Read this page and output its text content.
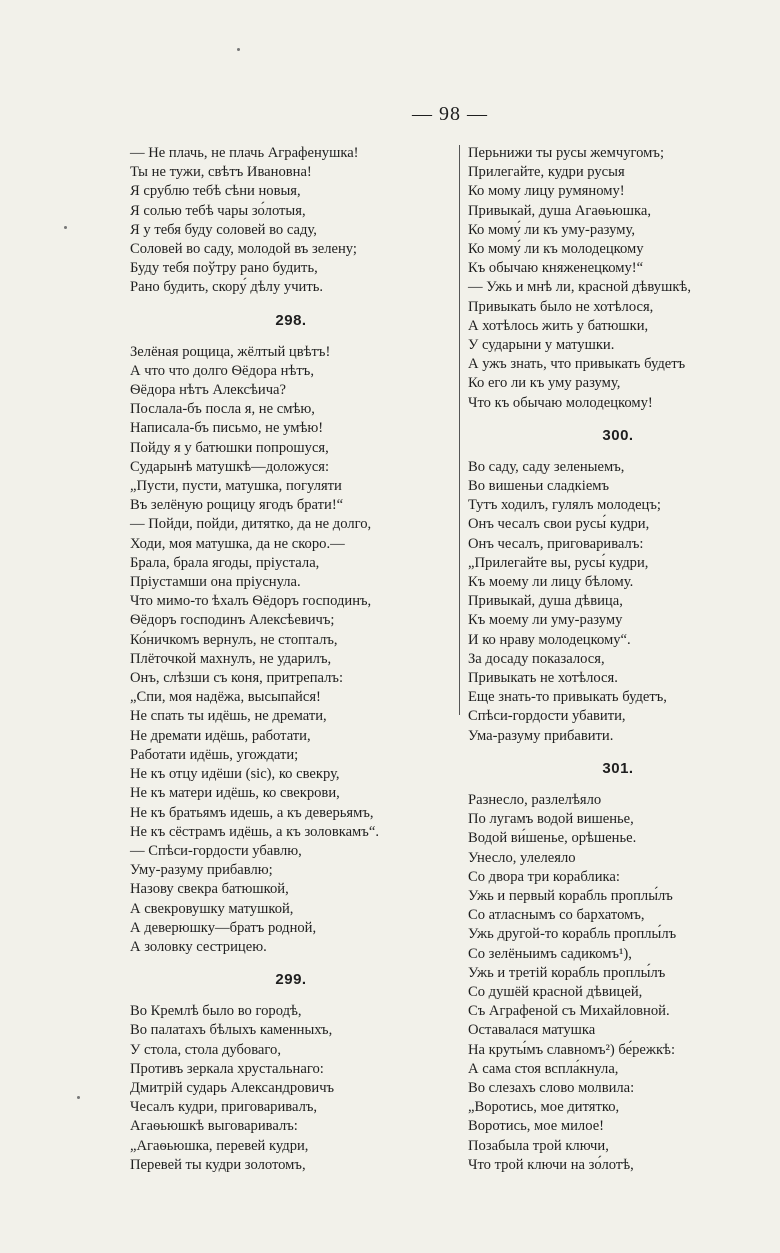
— 98 —
— Не плачь, не плачь Аграфенушка!
Ты не тужи, свѣтъ Ивановна!
Я срублю тебѣ сѣни новыя,
Я солью тебѣ чары зо́лотыя,
Я у тебя буду соловей во саду,
Соловей во саду, молодой въ зелену;
Буду тебя поўтру рано будить,
Рано будить, скору́ дѣлу учить.
298.
Зелёная рощица, жёлтый цвѣтъ!
А что что долго Ѳёдора нѣтъ,
Ѳёдора нѣтъ Алексѣича?
Послала-бъ посла я, не смѣю,
Написала-бъ письмо, не умѣю!
Пойду я у батюшки попрошуся,
Сударынѣ матушкѣ—доложуся:
„Пусти, пусти, матушка, погуляти
Въ зелёную рощицу ягодъ брати!“
— Пойди, пойди, дитятко, да не долго,
Ходи, моя матушка, да не скоро.—
Брала, брала ягоды, пріустала,
Пріустамши она пріуснула.
Что мимо-то ѣхалъ Ѳёдоръ господинъ,
Ѳёдоръ господинъ Алексѣевичъ;
Ко́ничкомъ вернулъ, не стопталъ,
Плёточкой махнулъ, не ударилъ,
Онъ, слѣзши съ коня, притрепалъ:
„Спи, моя надёжа, высыпайся!
Не спать ты идёшь, не дремати,
Не дремати идёшь, работати,
Работати идёшь, угождати;
Не къ отцу идёши (sic), ко свекру,
Не къ матери идёшь, ко свекрови,
Не къ братьямъ идешь, а къ деверьямъ,
Не къ сёстрамъ идёшь, а къ золовкамъ“.
— Спѣси-гордости убавлю,
Уму-разуму прибавлю;
Назову свекра батюшкой,
А свекровушку матушкой,
А деверюшку—братъ родной,
А золовку сестрицею.
299.
Во Кремлѣ было во городѣ,
Во палатахъ бѣлыхъ каменныхъ,
У стола, стола дубоваго,
Противъ зеркала хрустальнаго:
Дмитрій сударь Александровичъ
Чесалъ кудри, приговаривалъ,
Агаѳьюшкѣ выговаривалъ:
„Агаѳьюшка, перевей кудри,
Перевей ты кудри золотомъ,
Перьнижи ты русы жемчугомъ;
Прилегайте, кудри русыя
Ко мому лицу румяному!
Привыкай, душа Агаѳьюшка,
Ко мому́ ли къ уму-разуму,
Ко мому́ ли къ молодецкому
Къ обычаю княженецкому!“
— Ужь и мнѣ ли, красной дѣвушкѣ,
Привыкать было не хотѣлося,
А хотѣлось жить у батюшки,
У сударыни у матушки.
А ужъ знать, что привыкать будетъ
Ко его ли къ уму разуму,
Что къ обычаю молодецкому!
300.
Во саду, саду зеленыемъ,
Во вишеньи сладкіемъ
Тутъ ходилъ, гулялъ молодецъ;
Онъ чесалъ свои русы́ кудри,
Онъ чесалъ, приговаривалъ:
„Прилегайте вы, русы́ кудри,
Къ моему ли лицу бѣлому.
Привыкай, душа дѣвица,
Къ моему ли уму-разуму
И ко нраву молодецкому“.
За досаду показалося,
Привыкать не хотѣлося.
Еще знать-то привыкать будетъ,
Спѣси-гордости убавити,
Ума-разуму прибавити.
301.
Разнесло, разлелѣяло
По лугамъ водой вишенье,
Водой ви́шенье, орѣшенье.
Унесло, улелеяло
Со двора три кораблика:
Ужь и первый корабль проплы́лъ
Со атласнымъ со бархатомъ,
Ужь другой-то корабль проплы́лъ
Со зелёныимъ садикомъ¹),
Ужь и третій корабль проплы́лъ
Со душёй красной дѣвицей,
Съ Аграфеной съ Михайловной.
Оставалася матушка
На круты́мъ славномъ²) бе́режкѣ:
А сама стоя вспла́кнула,
Во слезахъ слово молвила:
„Воротись, мое дитятко,
Воротись, мое милое!
Позабыла трой ключи,
Что трой ключи на зо́лотѣ,
